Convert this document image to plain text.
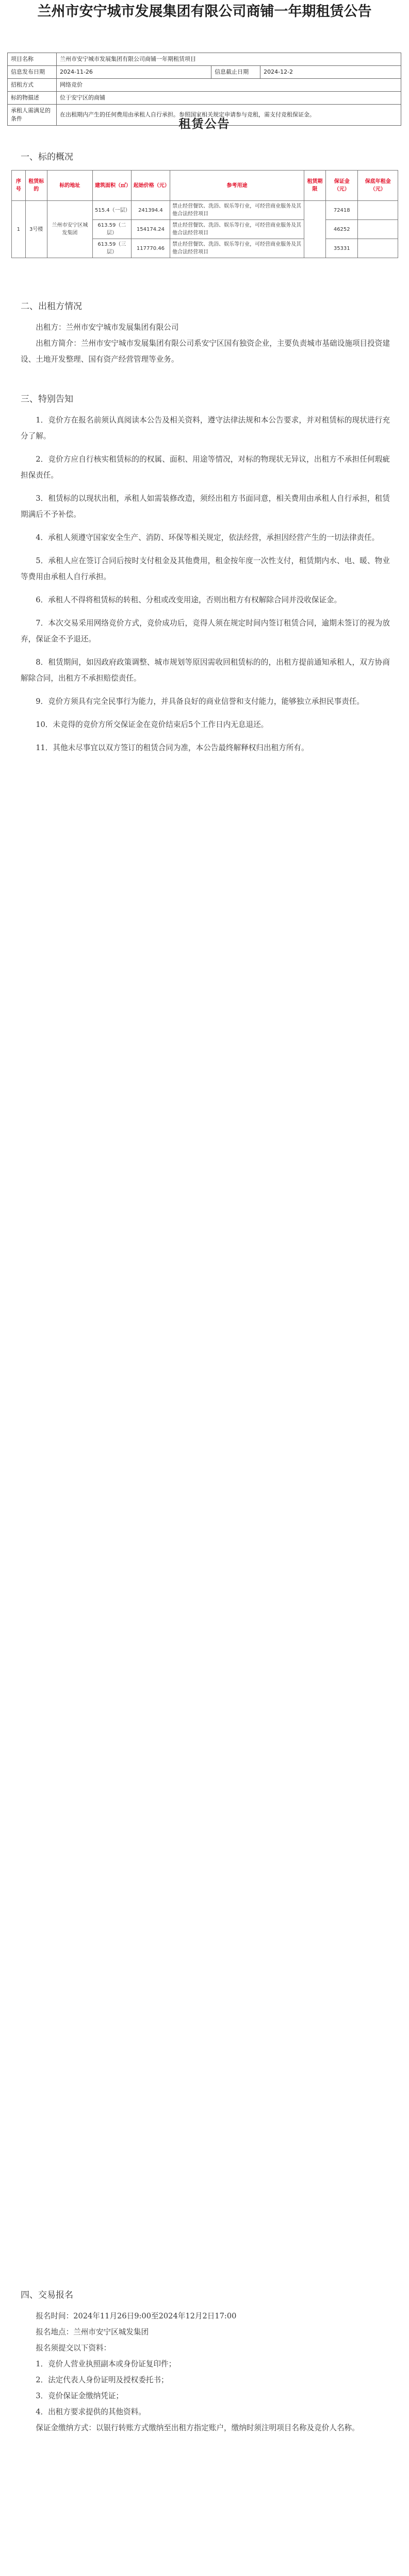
兰州市安宁城市发展集团有限公司商铺一年期租赁公告
项目名称	兰州市安宁城市发展集团有限公司商铺一年期租赁项目		
信息发布日期	2024-11-26	信息截止日期	2024-12-2
招租方式	网络竞价		
标的物描述	位于安宁区的商铺		
承租人需满足的条件	在出租期内产生的任何费用由承租人自行承担。参照国家相关规定申请参与竞租，需支付竞租保证金。		
租赁公告
一、标的概况
序号	租赁标的	标的地址	建筑面积（㎡）	起始价格（元）	参考用途	租赁期限	保证金（元）	保底年租金（元）
1	3号楼	兰州市安宁区城发集团	515.4（一层）	241394.4	禁止经营餐饮、洗浴、娱乐等行业，可经营商业服务及其他合法经营项目		72418	
			613.59（二层）	154174.24	禁止经营餐饮、洗浴、娱乐等行业，可经营商业服务及其他合法经营项目		46252	
			613.59（三层）	117770.46	禁止经营餐饮、洗浴、娱乐等行业，可经营商业服务及其他合法经营项目		35331	
二、出租方情况

出租方：兰州市安宁城市发展集团有限公司

出租方简介：兰州市安宁城市发展集团有限公司系安宁区国有独资企业，主要负责城市基础设施项目投资建设、土地开发整理、国有资产经营管理等业务。

三、特别告知

1．竞价方在报名前须认真阅读本公告及相关资料，遵守法律法规和本公告要求，并对租赁标的现状进行充分了解。

2．竞价方应自行核实租赁标的的权属、面积、用途等情况，对标的物现状无异议，出租方不承担任何瑕疵担保责任。

3．租赁标的以现状出租，承租人如需装修改造，须经出租方书面同意，相关费用由承租人自行承担，租赁期满后不予补偿。

4．承租人须遵守国家安全生产、消防、环保等相关规定，依法经营，承担因经营产生的一切法律责任。

5．承租人应在签订合同后按时支付租金及其他费用，租金按年度一次性支付，租赁期内水、电、暖、物业等费用由承租人自行承担。

6．承租人不得将租赁标的转租、分租或改变用途，否则出租方有权解除合同并没收保证金。

7．本次交易采用网络竞价方式，竞价成功后，竞得人须在规定时间内签订租赁合同，逾期未签订的视为放弃，保证金不予退还。

8．租赁期间，如因政府政策调整、城市规划等原因需收回租赁标的的，出租方提前通知承租人，双方协商解除合同，出租方不承担赔偿责任。

9．竞价方须具有完全民事行为能力，并具备良好的商业信誉和支付能力，能够独立承担民事责任。

10．未竞得的竞价方所交保证金在竞价结束后5个工作日内无息退还。

11．其他未尽事宜以双方签订的租赁合同为准，本公告最终解释权归出租方所有。

四、交易报名

报名时间：2024年11月26日9:00至2024年12月2日17:00

报名地点：兰州市安宁区城发集团

报名须提交以下资料：

1．竞价人营业执照副本或身份证复印件；

2．法定代表人身份证明及授权委托书；

3．竞价保证金缴纳凭证；

4．出租方要求提供的其他资料。

保证金缴纳方式：以银行转账方式缴纳至出租方指定账户，缴纳时须注明项目名称及竞价人名称。
